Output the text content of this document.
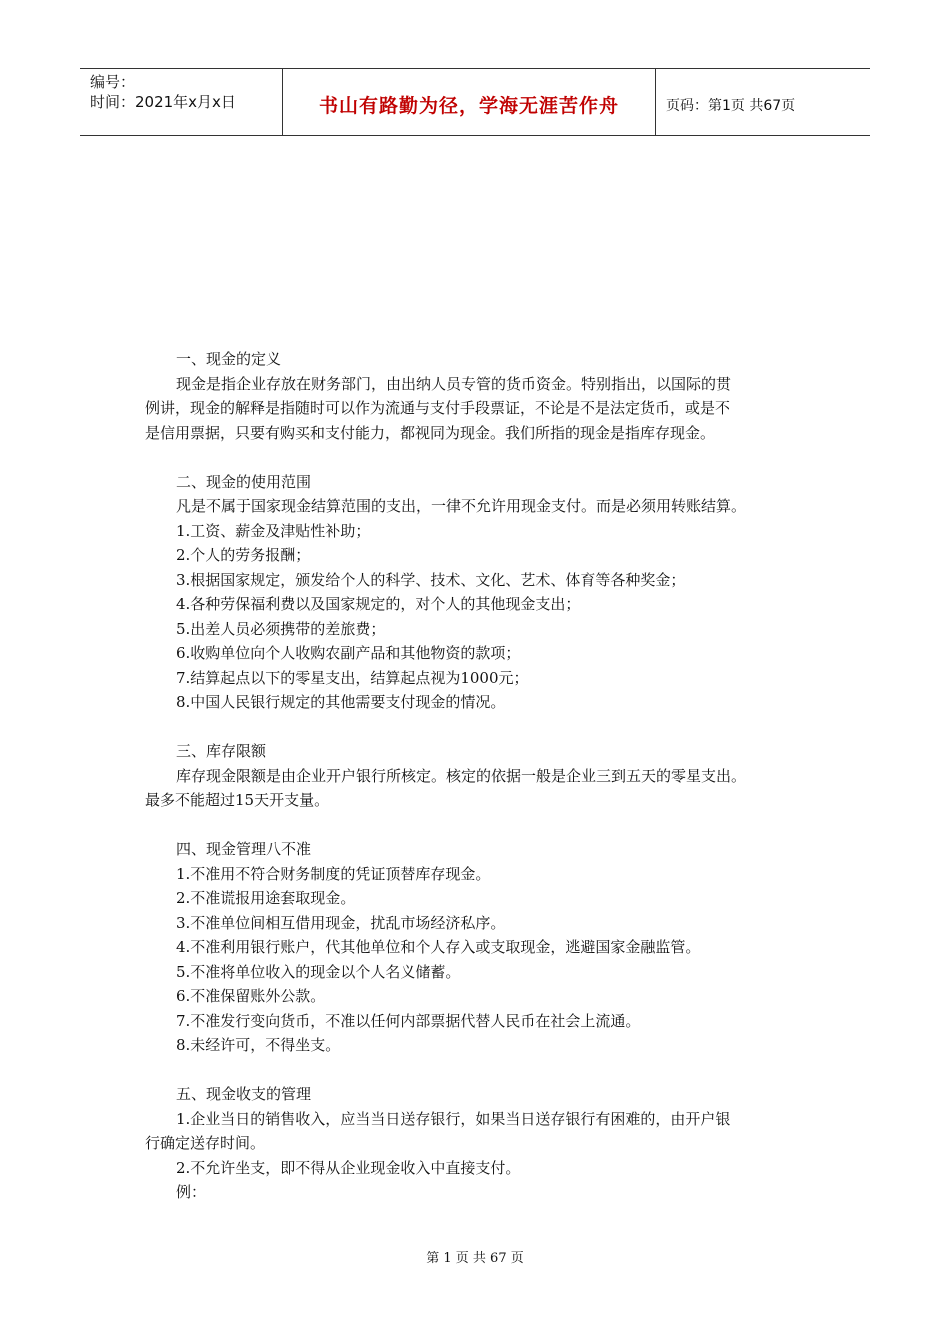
编号：
时间：2021年x月x日	书山有路勤为径，学海无涯苦作舟	页码：第1页 共67页
一、现金的定义
现金是指企业存放在财务部门，由出纳人员专管的货币资金。特别指出，以国际的贯
例讲，现金的解释是指随时可以作为流通与支付手段票证，不论是不是法定货币，或是不
是信用票据，只要有购买和支付能力，都视同为现金。我们所指的现金是指库存现金。
二、现金的使用范围
凡是不属于国家现金结算范围的支出，一律不允许用现金支付。而是必须用转账结算。
1.工资、薪金及津贴性补助；
2.个人的劳务报酬；
3.根据国家规定，颁发给个人的科学、技术、文化、艺术、体育等各种奖金；
4.各种劳保福利费以及国家规定的，对个人的其他现金支出；
5.出差人员必须携带的差旅费；
6.收购单位向个人收购农副产品和其他物资的款项；
7.结算起点以下的零星支出，结算起点视为1000元；
8.中国人民银行规定的其他需要支付现金的情况。
三、库存限额
库存现金限额是由企业开户银行所核定。核定的依据一般是企业三到五天的零星支出。
最多不能超过15天开支量。
四、现金管理八不准
1.不准用不符合财务制度的凭证顶替库存现金。
2.不准谎报用途套取现金。
3.不准单位间相互借用现金，扰乱市场经济私序。
4.不准利用银行账户，代其他单位和个人存入或支取现金，逃避国家金融监管。
5.不准将单位收入的现金以个人名义储蓄。
6.不准保留账外公款。
7.不准发行变向货币，不准以任何内部票据代替人民币在社会上流通。
8.未经许可，不得坐支。
五、现金收支的管理
1.企业当日的销售收入，应当当日送存银行，如果当日送存银行有困难的，由开户银
行确定送存时间。
2.不允许坐支，即不得从企业现金收入中直接支付。
例：
第 1 页 共 67 页
